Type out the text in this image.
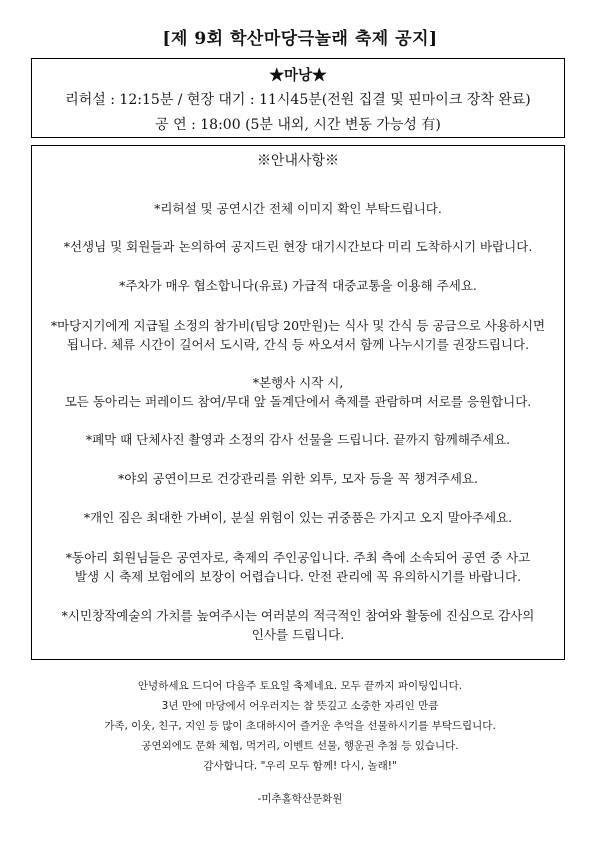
[제 9회 학산마당극놀래 축제 공지]
★마낭★
리허설 : 12:15분 / 현장 대기 : 11시45분(전원 집결 및 핀마이크 장착 완료)
공 연 : 18:00 (5분 내외, 시간 변동 가능성 有)
※안내사항※
*리허설 및 공연시간 전체 이미지 확인 부탁드립니다.
*선생님 및 회원들과 논의하여 공지드린 현장 대기시간보다 미리 도착하시기 바랍니다.
*주차가 매우 협소합니다(유료) 가급적 대중교통을 이용해 주세요.
*마당지기에게 지급될 소정의 참가비(팀당 20만원)는 식사 및 간식 등 공금으로 사용하시면
됩니다. 체류 시간이 길어서 도시락, 간식 등 싸오셔서 함께 나누시기를 권장드립니다.
*본행사 시작 시,
모든 동아리는 퍼레이드 참여/무대 앞 돌계단에서 축제를 관람하며 서로를 응원합니다.
*폐막 때 단체사진 촬영과 소정의 감사 선물을 드립니다. 끝까지 함께해주세요.
*야외 공연이므로 건강관리를 위한 외투, 모자 등을 꼭 챙겨주세요.
*개인 짐은 최대한 가벼이, 분실 위험이 있는 귀중품은 가지고 오지 말아주세요.
*동아리 회원님들은 공연자로, 축제의 주인공입니다. 주최 측에 소속되어 공연 중 사고
발생 시 축제 보험에의 보장이 어렵습니다. 안전 관리에 꼭 유의하시기를 바랍니다.
*시민창작예술의 가치를 높여주시는 여러분의 적극적인 참여와 활동에 진심으로 감사의
인사를 드립니다.
안녕하세요 드디어 다음주 토요일 축제네요. 모두 끝까지 파이팅입니다.
3년 만에 마당에서 어우러지는 참 뜻깊고 소중한 자리인 만큼
가족, 이웃, 친구, 지인 등 많이 초대하시어 즐거운 추억을 선물하시기를 부탁드립니다.
공연외에도 문화 체험, 먹거리, 이벤트 선물, 행운권 추첨 등 있습니다.
감사합니다. "우리 모두 함께! 다시, 놀래!"
-미추홀학산문화원
